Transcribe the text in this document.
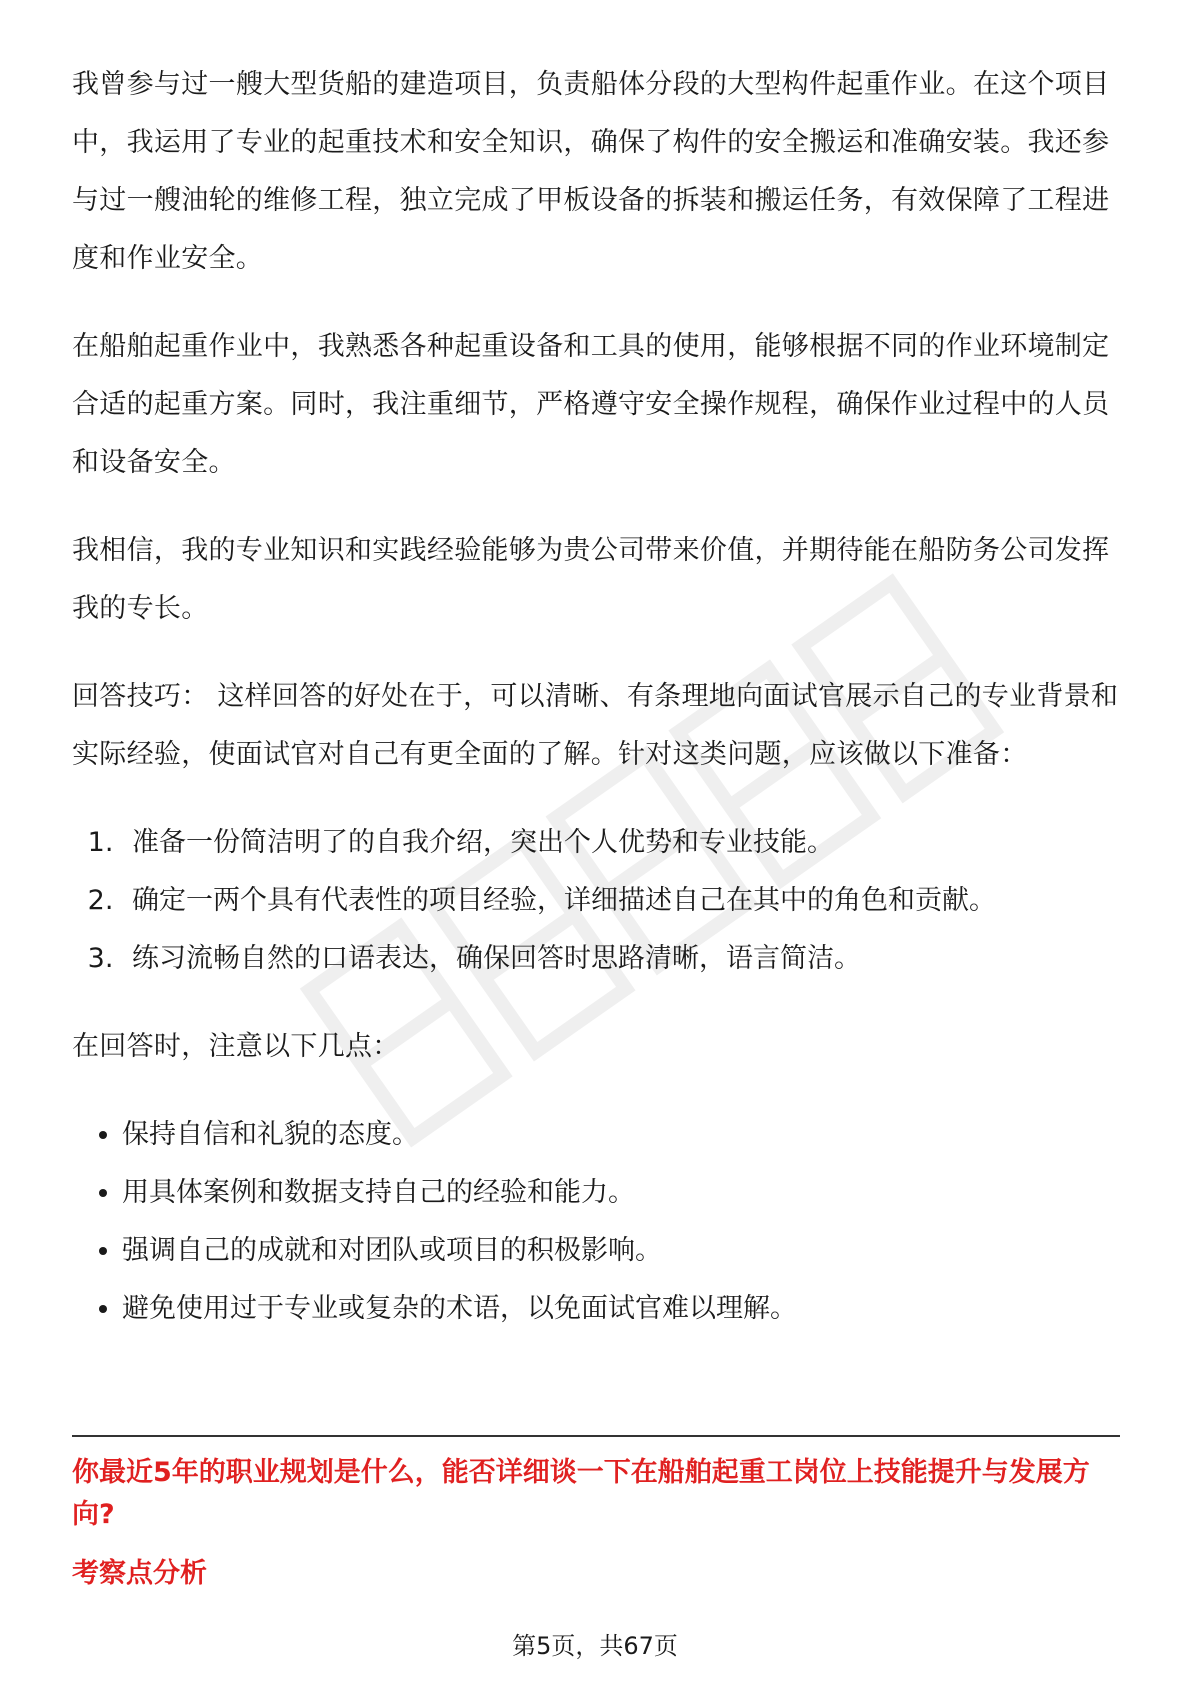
我曾参与过一艘大型货船的建造项目，负责船体分段的大型构件起重作业。在这个项目中，我运用了专业的起重技术和安全知识，确保了构件的安全搬运和准确安装。我还参与过一艘油轮的维修工程，独立完成了甲板设备的拆装和搬运任务，有效保障了工程进度和作业安全。

在船舶起重作业中，我熟悉各种起重设备和工具的使用，能够根据不同的作业环境制定合适的起重方案。同时，我注重细节，严格遵守安全操作规程，确保作业过程中的人员和设备安全。

我相信，我的专业知识和实践经验能够为贵公司带来价值，并期待能在船防务公司发挥我的专长。

回答技巧： 这样回答的好处在于，可以清晰、有条理地向面试官展示自己的专业背景和实际经验，使面试官对自己有更全面的了解。针对这类问题，应该做以下准备：

1. 准备一份简洁明了的自我介绍，突出个人优势和专业技能。
2. 确定一两个具有代表性的项目经验，详细描述自己在其中的角色和贡献。
3. 练习流畅自然的口语表达，确保回答时思路清晰，语言简洁。

在回答时，注意以下几点：

• 保持自信和礼貌的态度。
• 用具体案例和数据支持自己的经验和能力。
• 强调自己的成就和对团队或项目的积极影响。
• 避免使用过于专业或复杂的术语，以免面试官难以理解。
你最近5年的职业规划是什么，能否详细谈一下在船舶起重工岗位上技能提升与发展方向?
考察点分析
第5页，共67页
